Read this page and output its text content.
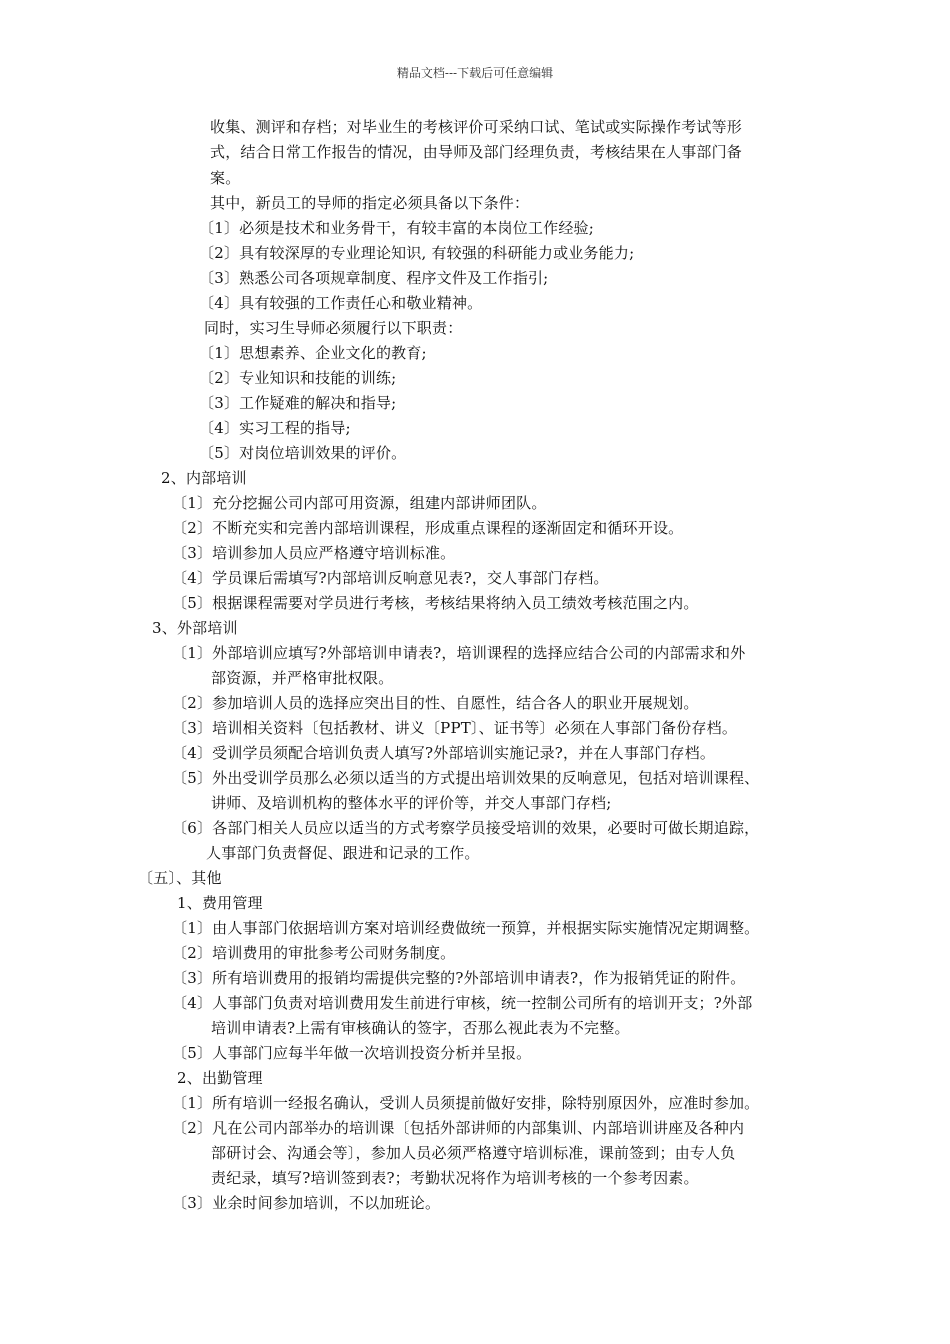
精品文档---下载后可任意编辑
收集、测评和存档；对毕业生的考核评价可采纳口试、笔试或实际操作考试等形
式，结合日常工作报告的情况，由导师及部门经理负责，考核结果在人事部门备
案。
其中，新员工的导师的指定必须具备以下条件：
〔1〕必须是技术和业务骨干，有较丰富的本岗位工作经验;
〔2〕具有较深厚的专业理论知识, 有较强的科研能力或业务能力;
〔3〕熟悉公司各项规章制度、程序文件及工作指引;
〔4〕具有较强的工作责任心和敬业精神。
同时，实习生导师必须履行以下职责：
〔1〕思想素养、企业文化的教育;
〔2〕专业知识和技能的训练;
〔3〕工作疑难的解决和指导;
〔4〕实习工程的指导;
〔5〕对岗位培训效果的评价。
2、内部培训
〔1〕充分挖掘公司内部可用资源，组建内部讲师团队。
〔2〕不断充实和完善内部培训课程，形成重点课程的逐渐固定和循环开设。
〔3〕培训参加人员应严格遵守培训标准。
〔4〕学员课后需填写?内部培训反响意见表?，交人事部门存档。
〔5〕根据课程需要对学员进行考核，考核结果将纳入员工绩效考核范围之内。
3、外部培训
〔1〕外部培训应填写?外部培训申请表?，培训课程的选择应结合公司的内部需求和外
部资源，并严格审批权限。
〔2〕参加培训人员的选择应突出目的性、自愿性，结合各人的职业开展规划。
〔3〕培训相关资料〔包括教材、讲义〔PPT〕、证书等〕必须在人事部门备份存档。
〔4〕受训学员须配合培训负责人填写?外部培训实施记录?，并在人事部门存档。
〔5〕外出受训学员那么必须以适当的方式提出培训效果的反响意见，包括对培训课程、
讲师、及培训机构的整体水平的评价等，并交人事部门存档;
〔6〕各部门相关人员应以适当的方式考察学员接受培训的效果，必要时可做长期追踪，
人事部门负责督促、跟进和记录的工作。
〔五〕、其他
1、费用管理
〔1〕由人事部门依据培训方案对培训经费做统一预算，并根据实际实施情况定期调整。
〔2〕培训费用的审批参考公司财务制度。
〔3〕所有培训费用的报销均需提供完整的?外部培训申请表?，作为报销凭证的附件。
〔4〕人事部门负责对培训费用发生前进行审核，统一控制公司所有的培训开支；?外部
培训申请表?上需有审核确认的签字，否那么视此表为不完整。
〔5〕人事部门应每半年做一次培训投资分析并呈报。
2、出勤管理
〔1〕所有培训一经报名确认，受训人员须提前做好安排，除特别原因外，应准时参加。
〔2〕凡在公司内部举办的培训课〔包括外部讲师的内部集训、内部培训讲座及各种内
部研讨会、沟通会等〕，参加人员必须严格遵守培训标准，课前签到；由专人负
责纪录，填写?培训签到表?；考勤状况将作为培训考核的一个参考因素。
〔3〕业余时间参加培训，不以加班论。
